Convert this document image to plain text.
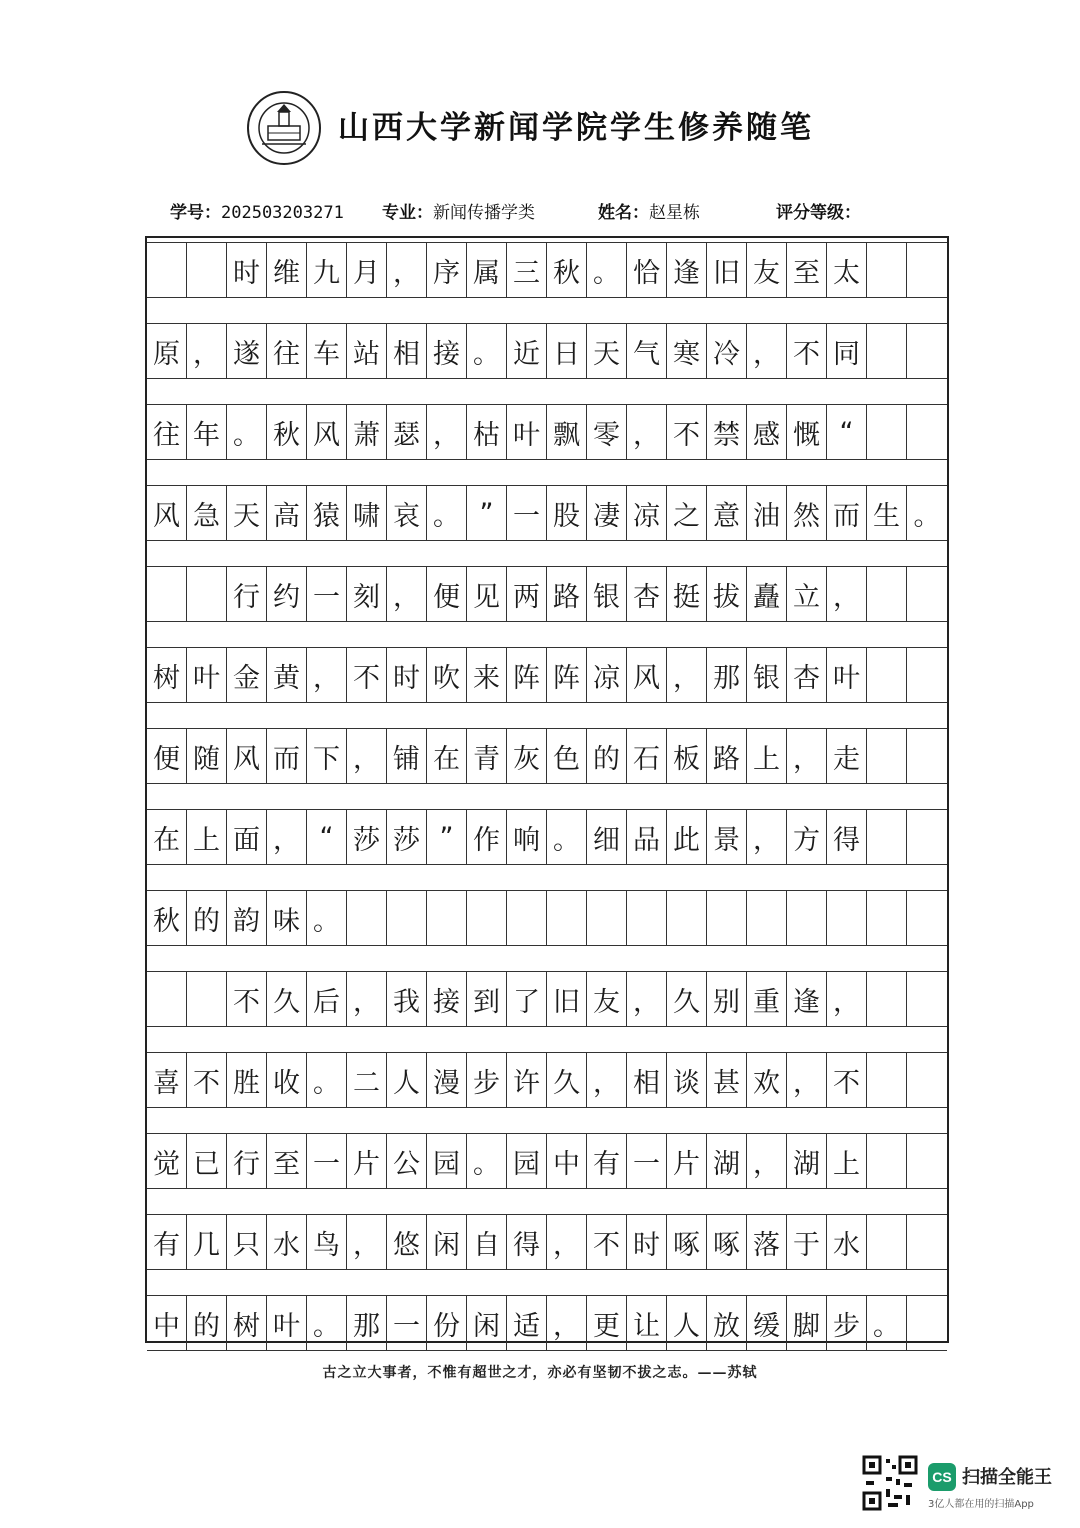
山西大学新闻学院学生修养随笔
学号：202503203271 专业：新闻传播学类	姓名：赵星栋	评分等级：
时 维 九 月 ， 序 属 三 秋 。 恰 逢 旧 友 至 太
原 ， 遂 往 车 站 相 接 。 近 日 天 气 寒 冷 ， 不 同
往 年 。 秋 风 萧 瑟 ， 枯 叶 飘 零 ， 不 禁 感 慨 “
风 急 天 高 猿 啸 哀 。 ” 一 股 凄 凉 之 意 油 然 而 生 。
行 约 一 刻 ， 便 见 两 路 银 杏 挺 拔 矗 立 ，
树 叶 金 黄 ， 不 时 吹 来 阵 阵 凉 风 ， 那 银 杏 叶
便 随 风 而 下 ， 铺 在 青 灰 色 的 石 板 路 上 ， 走
在 上 面 ， “ 莎 莎 ” 作 响 。 细 品 此 景 ， 方 得
秋 的 韵 味 。
不 久 后 ， 我 接 到 了 旧 友 ， 久 别 重 逢 ，
喜 不 胜 收 。 二 人 漫 步 许 久 ， 相 谈 甚 欢 ， 不
觉 已 行 至 一 片 公 园 。 园 中 有 一 片 湖 ， 湖 上
有 几 只 水 鸟 ， 悠 闲 自 得 ， 不 时 啄 啄 落 于 水
中 的 树 叶 。 那 一 份 闲 适 ， 更 让 人 放 缓 脚 步 。
古之立大事者，不惟有超世之才，亦必有坚韧不拔之志。——苏轼
CS 扫描全能王
3亿人都在用的扫描App
